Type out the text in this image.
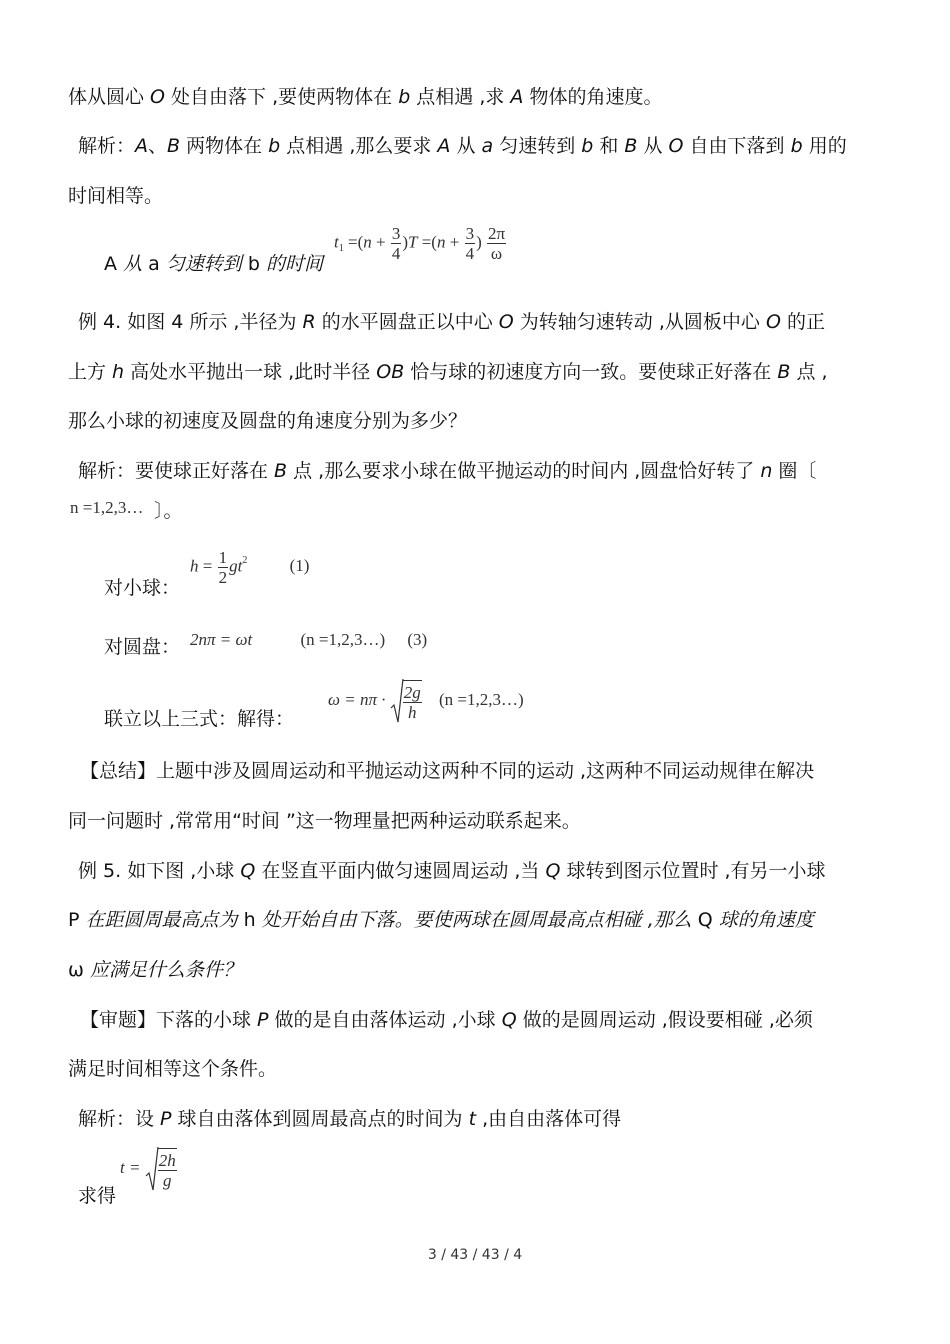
体从圆心 O 处自由落下 ,要使两物体在 b 点相遇 ,求 A 物体的角速度。
解析：A、B 两物体在 b 点相遇 ,那么要求 A 从 a 匀速转到 b 和 B 从 O 自由下落到 b 用的
时间相等。
A 从 a 匀速转到 b 的时间
例 4. 如图 4 所示 ,半径为 R 的水平圆盘正以中心 O 为转轴匀速转动 ,从圆板中心 O 的正
上方 h 高处水平抛出一球 ,此时半径 OB 恰与球的初速度方向一致。要使球正好落在 B 点 ,
那么小球的初速度及圆盘的角速度分别为多少？
解析：要使球正好落在 B 点 ,那么要求小球在做平抛运动的时间内 ,圆盘恰好转了 n 圈〔
〕。
对小球：
对圆盘：
联立以上三式：解得：
【总结】上题中涉及圆周运动和平抛运动这两种不同的运动 ,这两种不同运动规律在解决
同一问题时 ,常常用“时间 ”这一物理量把两种运动联系起来。
例 5. 如下图 ,小球 Q 在竖直平面内做匀速圆周运动 ,当 Q 球转到图示位置时 ,有另一小球
P 在距圆周最高点为 h 处开始自由下落。要使两球在圆周最高点相碰 ,那么 Q 球的角速度
ω 应满足什么条件？
【审题】下落的小球 P 做的是自由落体运动 ,小球 Q 做的是圆周运动 ,假设要相碰 ,必须
满足时间相等这个条件。
解析：设 P 球自由落体到圆周最高点的时间为 t ,由自由落体可得
求得
$t_1 =(n + \frac{3}{4} )T =(n + \frac{3}{4}$ ) $\frac{2\pi}{\omega}$
n =1,2,3…
$h = \frac{1}{2} gt^2$ (1)
2nπ = ωt	(n =1,2,3…) (3)
$\omega = n\pi \cdot \frac{2g}{h} (n$ =1,2,3…)
$t = \frac{2h}{g}$
3 / 43 / 43 / 4
